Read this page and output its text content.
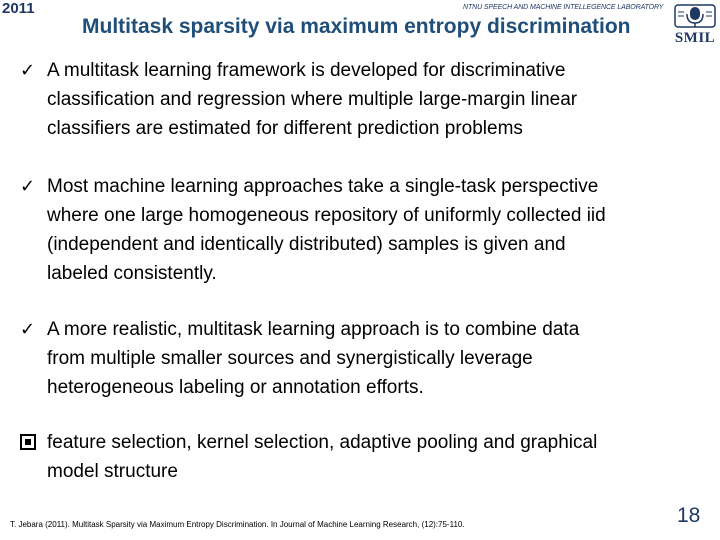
2011	NTNU SPEECH AND MACHINE INTELLEGENCE LABORATORY
Multitask sparsity via maximum entropy discrimination	SMIL
✓ A multitask learning framework is developed for discriminative
classification and regression where multiple large-margin linear
classifiers are estimated for different prediction problems
✓ Most machine learning approaches take a single-task perspective
where one large homogeneous repository of uniformly collected iid
(independent and identically distributed) samples is given and
labeled consistently.
✓ A more realistic, multitask learning approach is to combine data
from multiple smaller sources and synergistically leverage
heterogeneous labeling or annotation efforts.
feature selection, kernel selection, adaptive pooling and graphical
model structure
T. Jebara (2011). Multitask Sparsity via Maximum Entropy Discrimination. In Journal of Machine Learning Research, (12):75-110.	18
